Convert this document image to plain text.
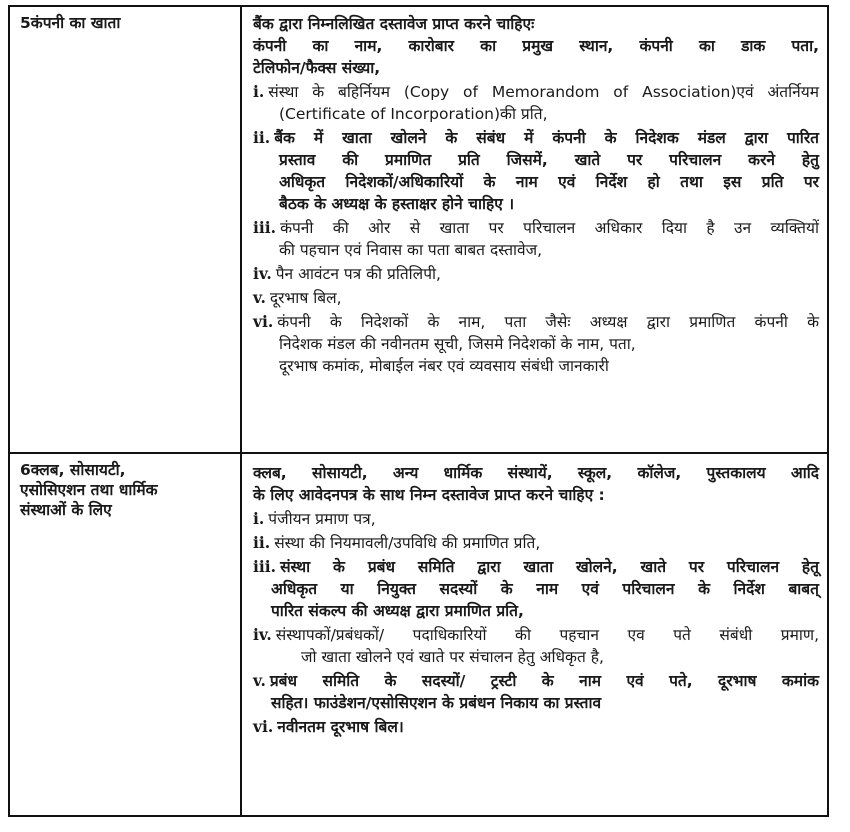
5कंपनी का खाता	बैंक द्वारा निम्नलिखित दस्तावेज प्राप्त करने चाहिएः

कंपनी का नाम, कारोबार का प्रमुख स्थान, कंपनी का डाक पता,

टेलिफोन/फैक्स संख्या,

i. संस्था के बहिर्नियम (Copy of Memorandom of Association)एवं अंतर्नियम

(Certificate of Incorporation)की प्रति,

ii. बैंक में खाता खोलने के संबंध में कंपनी के निदेशक मंडल द्वारा पारित

प्रस्ताव की प्रमाणित प्रति जिसमें, खाते पर परिचालन करने हेतु

अधिकृत निदेशकों/अधिकारियों के नाम एवं निर्देश हो तथा इस प्रति पर

बैठक के अध्यक्ष के हस्ताक्षर होने चाहिए ।

iii. कंपनी की ओर से खाता पर परिचालन अधिकार दिया है उन व्यक्तियों

की पहचान एवं निवास का पता बाबत दस्तावेज,

iv. पैन आवंटन पत्र की प्रतिलिपी,

v. दूरभाष बिल,

vi. कंपनी के निदेशकों के नाम, पता जैसेः अध्यक्ष द्वारा प्रमाणित कंपनी के

निदेशक मंडल की नवीनतम सूची, जिसमे निदेशकों के नाम, पता,

दूरभाष कमांक, मोबाईल नंबर एवं व्यवसाय संबंधी जानकारी

6क्लब, सोसायटी,

एसोसिएशन तथा धार्मिक

संस्थाओं के लिए

क्लब, सोसायटी, अन्य धार्मिक संस्थायें, स्कूल, कॉलेज, पुस्तकालय आदि

के लिए आवेदनपत्र के साथ निम्न दस्तावेज प्राप्त करने चाहिए :

i. पंजीयन प्रमाण पत्र,

ii. संस्था की नियमावली/उपविधि की प्रमाणित प्रति,

iii. संस्था के प्रबंध समिति द्वारा खाता खोलने, खाते पर परिचालन हेतू

अधिकृत या नियुक्त सदस्यों के नाम एवं परिचालन के निर्देश बाबत्

पारित संकल्प की अध्यक्ष द्वारा प्रमाणित प्रति,

iv. संस्थापकों/प्रबंधकों/ पदाधिकारियों की पहचान एव पते संबंधी प्रमाण,

जो खाता खोलने एवं खाते पर संचालन हेतु अधिकृत है,

v. प्रबंध समिति के सदस्यों/ ट्रस्टी के नाम एवं पते, दूरभाष कमांक

सहित। फाउंडेशन/एसोसिएशन के प्रबंधन निकाय का प्रस्ताव

vi. नवीनतम दूरभाष बिल।
